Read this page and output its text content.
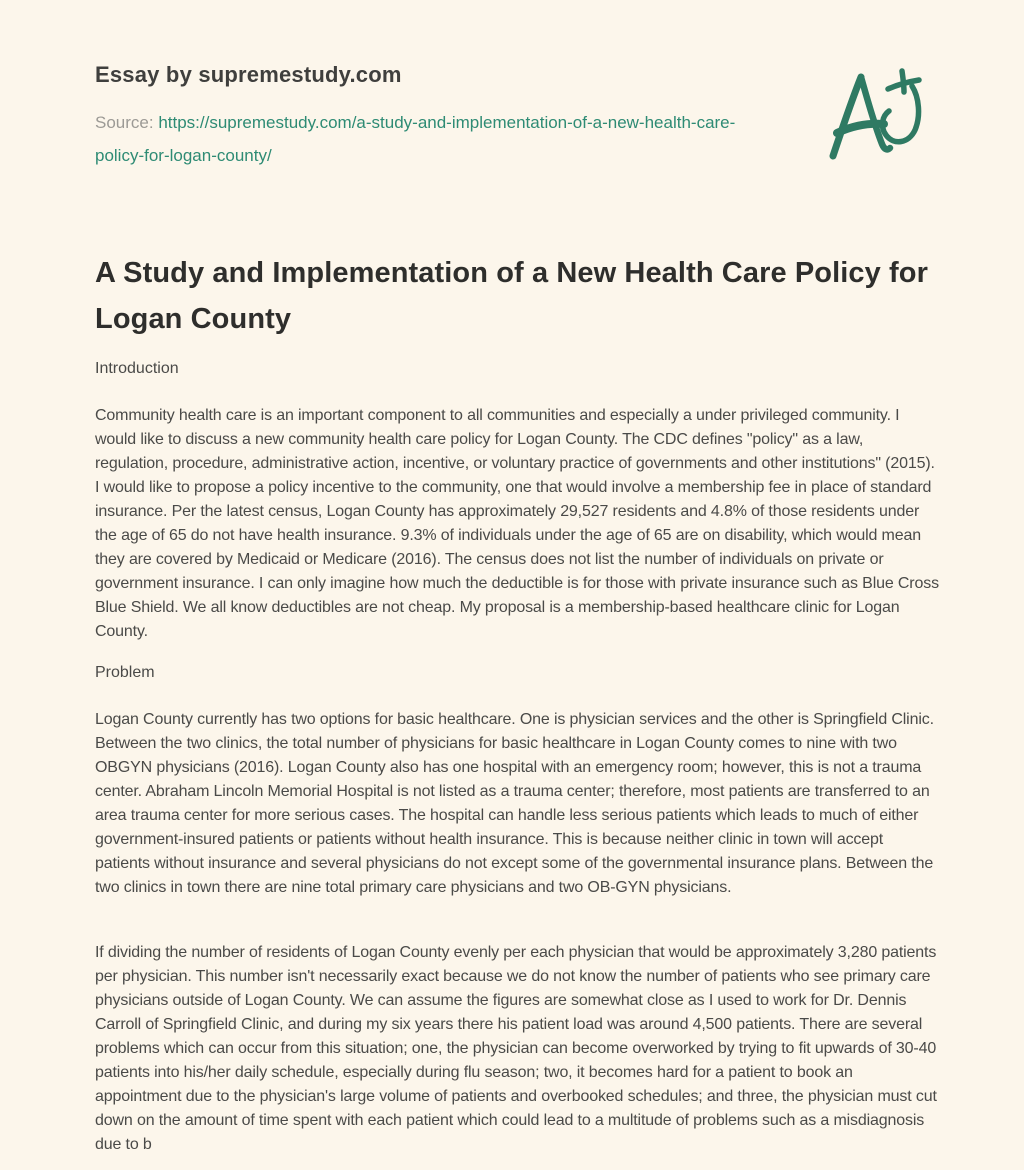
Essay by supremestudy.com
Source: https://supremestudy.com/a-study-and-implementation-of-a-new-health-care-policy-for-logan-county/
A Study and Implementation of a New Health Care Policy for Logan County
Introduction

Community health care is an important component to all communities and especially a under privileged community. I would like to discuss a new community health care policy for Logan County. The CDC defines "policy" as a law, regulation, procedure, administrative action, incentive, or voluntary practice of governments and other institutions" (2015). I would like to propose a policy incentive to the community, one that would involve a membership fee in place of standard insurance. Per the latest census, Logan County has approximately 29,527 residents and 4.8% of those residents under the age of 65 do not have health insurance. 9.3% of individuals under the age of 65 are on disability, which would mean they are covered by Medicaid or Medicare (2016). The census does not list the number of individuals on private or government insurance. I can only imagine how much the deductible is for those with private insurance such as Blue Cross Blue Shield. We all know deductibles are not cheap. My proposal is a membership-based healthcare clinic for Logan County.

Problem

Logan County currently has two options for basic healthcare. One is physician services and the other is Springfield Clinic. Between the two clinics, the total number of physicians for basic healthcare in Logan County comes to nine with two OBGYN physicians (2016). Logan County also has one hospital with an emergency room; however, this is not a trauma center. Abraham Lincoln Memorial Hospital is not listed as a trauma center; therefore, most patients are transferred to an area trauma center for more serious cases. The hospital can handle less serious patients which leads to much of either government-insured patients or patients without health insurance. This is because neither clinic in town will accept patients without insurance and several physicians do not except some of the governmental insurance plans. Between the two clinics in town there are nine total primary care physicians and two OB-GYN physicians.

If dividing the number of residents of Logan County evenly per each physician that would be approximately 3,280 patients per physician. This number isn't necessarily exact because we do not know the number of patients who see primary care physicians outside of Logan County. We can assume the figures are somewhat close as I used to work for Dr. Dennis Carroll of Springfield Clinic, and during my six years there his patient load was around 4,500 patients. There are several problems which can occur from this situation; one, the physician can become overworked by trying to fit upwards of 30-40 patients into his/her daily schedule, especially during flu season; two, it becomes hard for a patient to book an appointment due to the physician's large volume of patients and overbooked schedules; and three, the physician must cut down on the amount of time spent with each patient which could lead to a multitude of problems such as a misdiagnosis due to b
